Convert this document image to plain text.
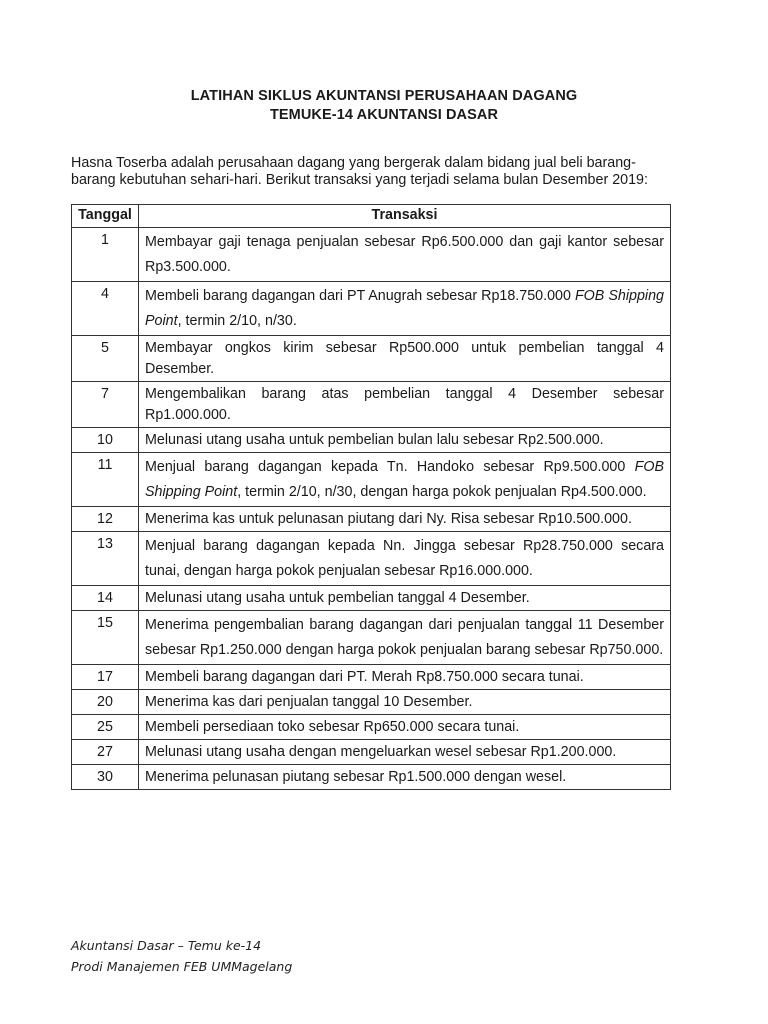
LATIHAN SIKLUS AKUNTANSI PERUSAHAAN DAGANG
TEMUKE-14 AKUNTANSI DASAR
Hasna Toserba adalah perusahaan dagang yang bergerak dalam bidang jual beli barang-barang kebutuhan sehari-hari. Berikut transaksi yang terjadi selama bulan Desember 2019:
Tanggal	Transaksi
1	Membayar gaji tenaga penjualan sebesar Rp6.500.000 dan gaji kantor sebesar Rp3.500.000.
4	Membeli barang dagangan dari PT Anugrah sebesar Rp18.750.000 FOB Shipping Point, termin 2/10, n/30.
5	Membayar ongkos kirim sebesar Rp500.000 untuk pembelian tanggal 4 Desember.
7	Mengembalikan barang atas pembelian tanggal 4 Desember sebesar Rp1.000.000.
10	Melunasi utang usaha untuk pembelian bulan lalu sebesar Rp2.500.000.
11	Menjual barang dagangan kepada Tn. Handoko sebesar Rp9.500.000 FOB Shipping Point, termin 2/10, n/30, dengan harga pokok penjualan Rp4.500.000.
12	Menerima kas untuk pelunasan piutang dari Ny. Risa sebesar Rp10.500.000.
13	Menjual barang dagangan kepada Nn. Jingga sebesar Rp28.750.000 secara tunai, dengan harga pokok penjualan sebesar Rp16.000.000.
14	Melunasi utang usaha untuk pembelian tanggal 4 Desember.
15	Menerima pengembalian barang dagangan dari penjualan tanggal 11 Desember sebesar Rp1.250.000 dengan harga pokok penjualan barang sebesar Rp750.000.
17	Membeli barang dagangan dari PT. Merah Rp8.750.000 secara tunai.
20	Menerima kas dari penjualan tanggal 10 Desember.
25	Membeli persediaan toko sebesar Rp650.000 secara tunai.
27	Melunasi utang usaha dengan mengeluarkan wesel sebesar Rp1.200.000.
30	Menerima pelunasan piutang sebesar Rp1.500.000 dengan wesel.
Akuntansi Dasar – Temu ke-14
Prodi Manajemen FEB UMMagelang
